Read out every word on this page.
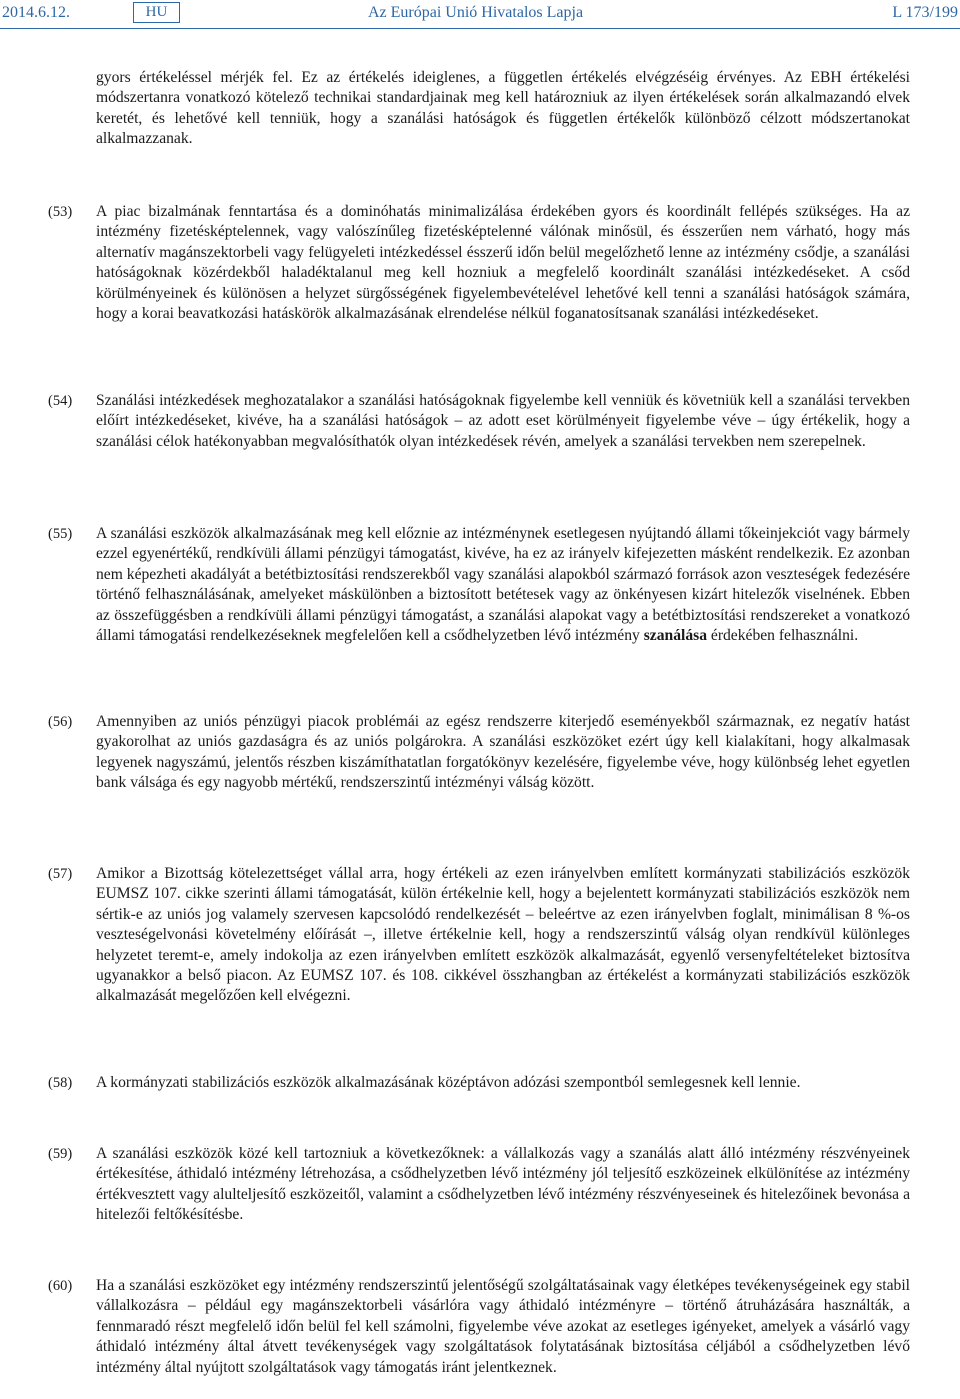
2014.6.12.	HU	Az Európai Unió Hivatalos Lapja	L 173/199
gyors értékeléssel mérjék fel. Ez az értékelés ideiglenes, a független értékelés elvégzéséig érvényes. Az EBH értékelési módszertanra vonatkozó kötelező technikai standardjainak meg kell határozniuk az ilyen értékelések során alkalmazandó elvek keretét, és lehetővé kell tenniük, hogy a szanálási hatóságok és független értékelők különböző célzott módszertanokat alkalmazzanak.
(53) A piac bizalmának fenntartása és a dominóhatás minimalizálása érdekében gyors és koordinált fellépés szükséges. Ha az intézmény fizetésképtelennek, vagy valószínűleg fizetésképtelenné válónak minősül, és ésszerűen nem várható, hogy más alternatív magánszektorbeli vagy felügyeleti intézkedéssel ésszerű időn belül megelőzhető lenne az intézmény csődje, a szanálási hatóságoknak közérdekből haladéktalanul meg kell hozniuk a megfelelő koordinált szanálási intézkedéseket. A csőd körülményeinek és különösen a helyzet sürgősségének figyelembevételével lehetővé kell tenni a szanálási hatóságok számára, hogy a korai beavatkozási hatáskörök alkalmazásának elrendelése nélkül foganatosítsanak szanálási intézkedéseket.
(54) Szanálási intézkedések meghozatalakor a szanálási hatóságoknak figyelembe kell venniük és követniük kell a szanálási tervekben előírt intézkedéseket, kivéve, ha a szanálási hatóságok – az adott eset körülményeit figyelembe véve – úgy értékelik, hogy a szanálási célok hatékonyabban megvalósíthatók olyan intézkedések révén, amelyek a szanálási tervekben nem szerepelnek.
(55) A szanálási eszközök alkalmazásának meg kell előznie az intézménynek esetlegesen nyújtandó állami tőkeinjekciót vagy bármely ezzel egyenértékű, rendkívüli állami pénzügyi támogatást, kivéve, ha ez az irányelv kifejezetten másként rendelkezik. Ez azonban nem képezheti akadályát a betétbiztosítási rendszerekből vagy szanálási alapokból származó források azon veszteségek fedezésére történő felhasználásának, amelyeket máskülönben a biztosított betétesek vagy az önkényesen kizárt hitelezők viselnének. Ebben az összefüggésben a rendkívüli állami pénzügyi támogatást, a szanálási alapokat vagy a betétbiztosítási rendszereket a vonatkozó állami támogatási rendelkezéseknek megfelelően kell a csődhelyzetben lévő intézmény szanálása érdekében felhasználni.
(56) Amennyiben az uniós pénzügyi piacok problémái az egész rendszerre kiterjedő eseményekből származnak, ez negatív hatást gyakorolhat az uniós gazdaságra és az uniós polgárokra. A szanálási eszközöket ezért úgy kell kialakítani, hogy alkalmasak legyenek nagyszámú, jelentős részben kiszámíthatatlan forgatókönyv kezelésére, figyelembe véve, hogy különbség lehet egyetlen bank válsága és egy nagyobb mértékű, rendszerszintű intézményi válság között.
(57) Amikor a Bizottság kötelezettséget vállal arra, hogy értékeli az ezen irányelvben említett kormányzati stabilizációs eszközök EUMSZ 107. cikke szerinti állami támogatását, külön értékelnie kell, hogy a bejelentett kormányzati stabilizációs eszközök nem sértik-e az uniós jog valamely szervesen kapcsolódó rendelkezését – beleértve az ezen irányelvben foglalt, minimálisan 8 %-os veszteségelvonási követelmény előírását –, illetve értékelnie kell, hogy a rendszerszintű válság olyan rendkívül különleges helyzetet teremt-e, amely indokolja az ezen irányelvben említett eszközök alkalmazását, egyenlő versenyfeltételeket biztosítva ugyanakkor a belső piacon. Az EUMSZ 107. és 108. cikkével összhangban az értékelést a kormányzati stabilizációs eszközök alkalmazását megelőzően kell elvégezni.
(58) A kormányzati stabilizációs eszközök alkalmazásának középtávon adózási szempontból semlegesnek kell lennie.
(59) A szanálási eszközök közé kell tartozniuk a következőknek: a vállalkozás vagy a szanálás alatt álló intézmény részvényeinek értékesítése, áthidaló intézmény létrehozása, a csődhelyzetben lévő intézmény jól teljesítő eszközeinek elkülönítése az intézmény értékvesztett vagy alulteljesítő eszközeitől, valamint a csődhelyzetben lévő intézmény részvényeseinek és hitelezőinek bevonása a hitelezői feltőkésítésbe.
(60) Ha a szanálási eszközöket egy intézmény rendszerszintű jelentőségű szolgáltatásainak vagy életképes tevékenységeinek egy stabil vállalkozásra – például egy magánszektorbeli vásárlóra vagy áthidaló intézményre – történő átruházására használták, a fennmaradó részt megfelelő időn belül fel kell számolni, figyelembe véve azokat az esetleges igényeket, amelyek a vásárló vagy áthidaló intézmény által átvett tevékenységek vagy szolgáltatások folytatásának biztosítása céljából a csődhelyzetben lévő intézmény által nyújtott szolgáltatások vagy támogatás iránt jelentkeznek.
